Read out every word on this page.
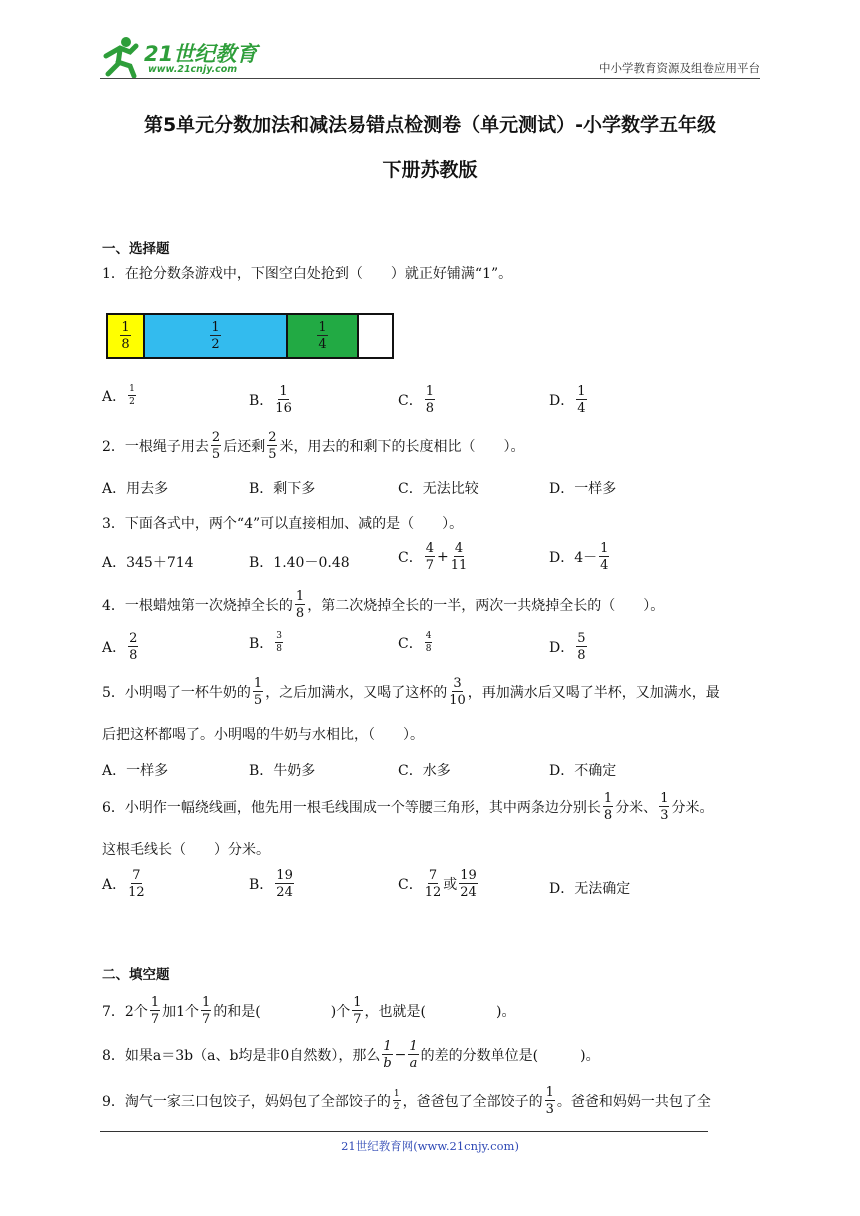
21世纪教育
www.21cnjy.com	中小学教育资源及组卷应用平台
第5单元分数加法和减法易错点检测卷（单元测试）-小学数学五年级
下册苏教版
一、选择题
1．在抢分数条游戏中，下图空白处抢到（　　）就正好铺满“1”。
$\frac{1}{8}$	$\frac{1}{2}$	$\frac{1}{4}$
A． $\frac{1}{2}$	B． $\frac{1}{16}$	C． $\frac{1}{8}$	D． $\frac{1}{4}$
2．一根绳子用去 $\frac{2}{5}$ 后还剩 $\frac{2}{5}$ 米，用去的和剩下的长度相比（　　）。
A．用去多	B．剩下多	C．无法比较	D．一样多
3．下面各式中，两个“4”可以直接相加、减的是（　　）。
A．345＋714	B．1.40－0.48	C． $\frac{4}{7} + \frac{4}{11}$	D． $4- \frac{1}{4}$
4．一根蜡烛第一次烧掉全长的 $\frac{1}{8}$ ，第二次烧掉全长的一半，两次一共烧掉全长的（　　）。
A． $\frac{2}{8}$	B． $\frac{3}{8}$	C． $\frac{4}{8}$	D． $\frac{5}{8}$
5．小明喝了一杯牛奶的 $\frac{1}{5}$ ，之后加满水，又喝了这杯的 $\frac{3}{10}$ ，再加满水后又喝了半杯，又加满水，最
后把这杯都喝了。小明喝的牛奶与水相比，（　　）。
A．一样多	B．牛奶多	C．水多	D．不确定
6．小明作一幅绕线画，他先用一根毛线围成一个等腰三角形，其中两条边分别长 $\frac{1}{8}$ 分米、 $\frac{1}{3}$ 分米。
这根毛线长（　　）分米。
A． $\frac{7}{12}$	B． $\frac{19}{24}$	C． $\frac{7}{12}$ 或 $\frac{19}{24}$	D．无法确定
二、填空题
7．2个 $\frac{1}{7}$ 加1个 $\frac{1}{7}$ 的和是(　　　　　)个 $\frac{1}{7}$ ，也就是(　　　　　)。
8．如果a＝3b（a、b均是非0自然数），那么 $\frac{1}{b} - \frac{1}{a}$ 的差的分数单位是(　　　)。
9．淘气一家三口包饺子，妈妈包了全部饺子的 $\frac{1}{2}$ ，爸爸包了全部饺子的 $\frac{1}{3}$ 。爸爸和妈妈一共包了全
21世纪教育网(www.21cnjy.com)
